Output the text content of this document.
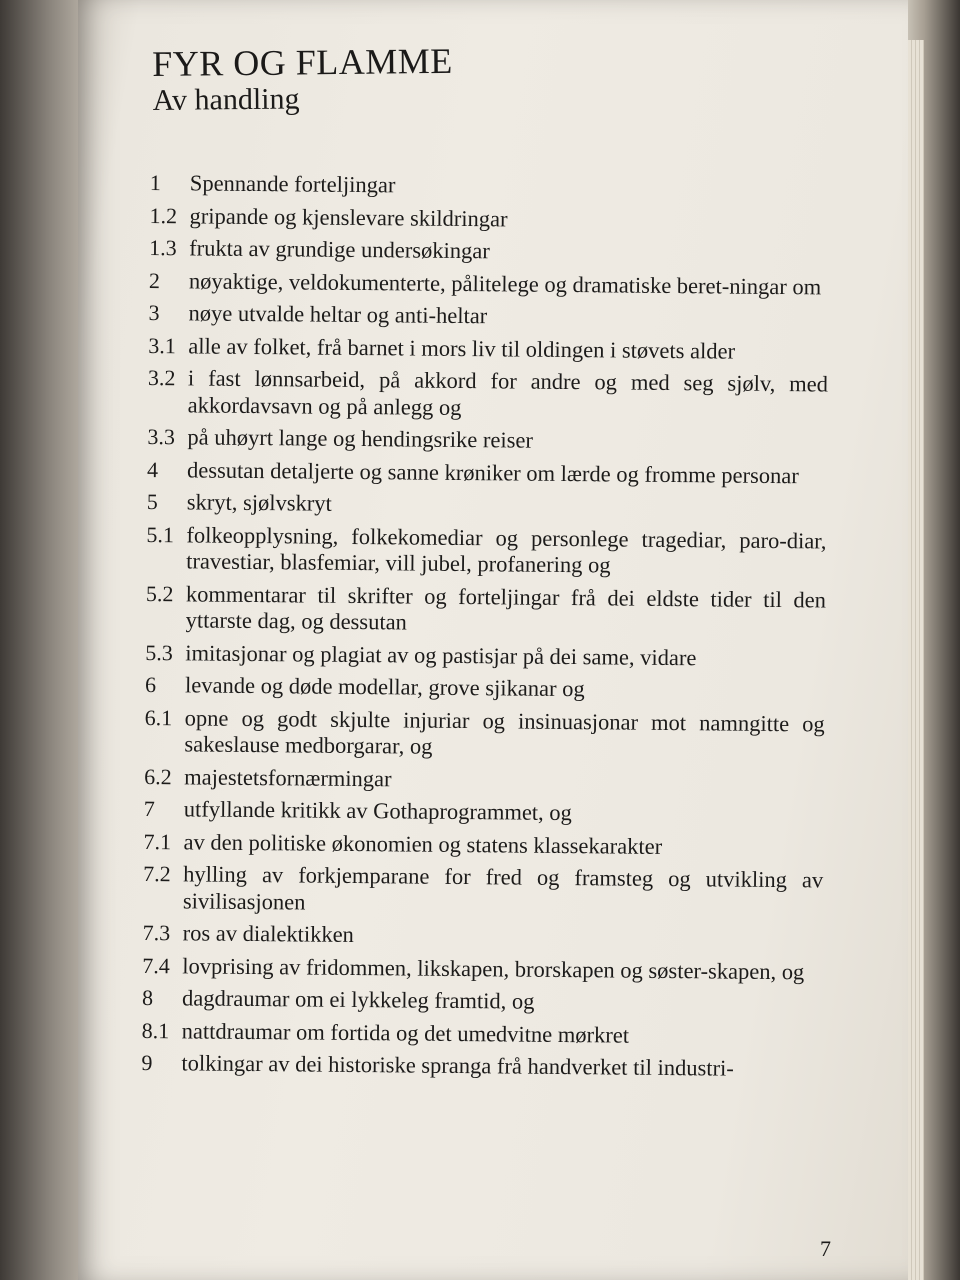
FYR OG FLAMME
Av handling
1	Spennande forteljingar
1.2 gripande og kjenslevare skildringar
1.3 frukta av grundige undersøkingar
2	nøyaktige, veldokumenterte, pålitelege og dramatiske beret-ningar om
3	nøye utvalde heltar og anti-heltar
3.1 alle av folket, frå barnet i mors liv til oldingen i støvets alder
3.2 i fast lønnsarbeid, på akkord for andre og med seg sjølv, med akkordavsavn og på anlegg og
3.3 på uhøyrt lange og hendingsrike reiser
4	dessutan detaljerte og sanne krøniker om lærde og fromme personar
5	skryt, sjølvskryt
5.1 folkeopplysning, folkekomediar og personlege tragediar, paro-diar, travestiar, blasfemiar, vill jubel, profanering og
5.2 kommentarar til skrifter og forteljingar frå dei eldste tider til den yttarste dag, og dessutan
5.3 imitasjonar og plagiat av og pastisjar på dei same, vidare
6	levande og døde modellar, grove sjikanar og
6.1 opne og godt skjulte injuriar og insinuasjonar mot namngitte og sakeslause medborgarar, og
6.2 majestetsfornærmingar
7	utfyllande kritikk av Gothaprogrammet, og
7.1 av den politiske økonomien og statens klassekarakter
7.2 hylling av forkjemparane for fred og framsteg og utvikling av sivilisasjonen
7.3 ros av dialektikken
7.4 lovprising av fridommen, likskapen, brorskapen og søster-skapen, og
8	dagdraumar om ei lykkeleg framtid, og
8.1 nattdraumar om fortida og det umedvitne mørkret
9	tolkingar av dei historiske spranga frå handverket til industri-
7
